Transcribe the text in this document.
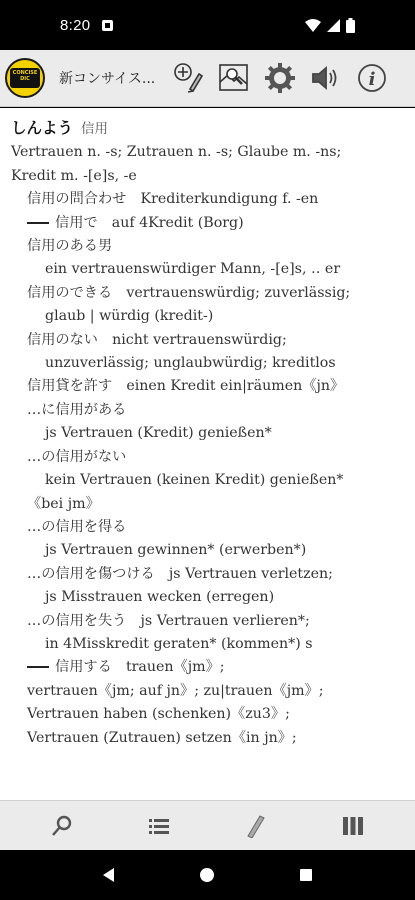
8:20
CONCISE
DIC	新コンサイス...	i
しんよう 信用
Vertrauen n. -s; Zutrauen n. -s; Glaube m. -ns;
Kredit m. -[e]s, -e
信用の問合わせ　Krediterkundigung f. -en
信用で　auf 4Kredit (Borg)
信用のある男
ein vertrauenswürdiger Mann, -[e]s, ‥ er
信用のできる　vertrauenswürdig; zuverlässig;
glaub | würdig (kredit-)
信用のない　nicht vertrauenswürdig;
unzuverlässig; unglaubwürdig; kreditlos
信用貸を許す　einen Kredit ein|räumen《jn》
…に信用がある
js Vertrauen (Kredit) genießen*
…の信用がない
kein Vertrauen (keinen Kredit) genießen*
《bei jm》
…の信用を得る
js Vertrauen gewinnen* (erwerben*)
…の信用を傷つける　js Vertrauen verletzen;
js Misstrauen wecken (erregen)
…の信用を失う　js Vertrauen verlieren*;
in 4Misskredit geraten* (kommen*) s
信用する　trauen《jm》;
vertrauen《jm; auf jn》; zu|trauen《jm》;
Vertrauen haben (schenken)《zu3》;
Vertrauen (Zutrauen) setzen《in jn》;
